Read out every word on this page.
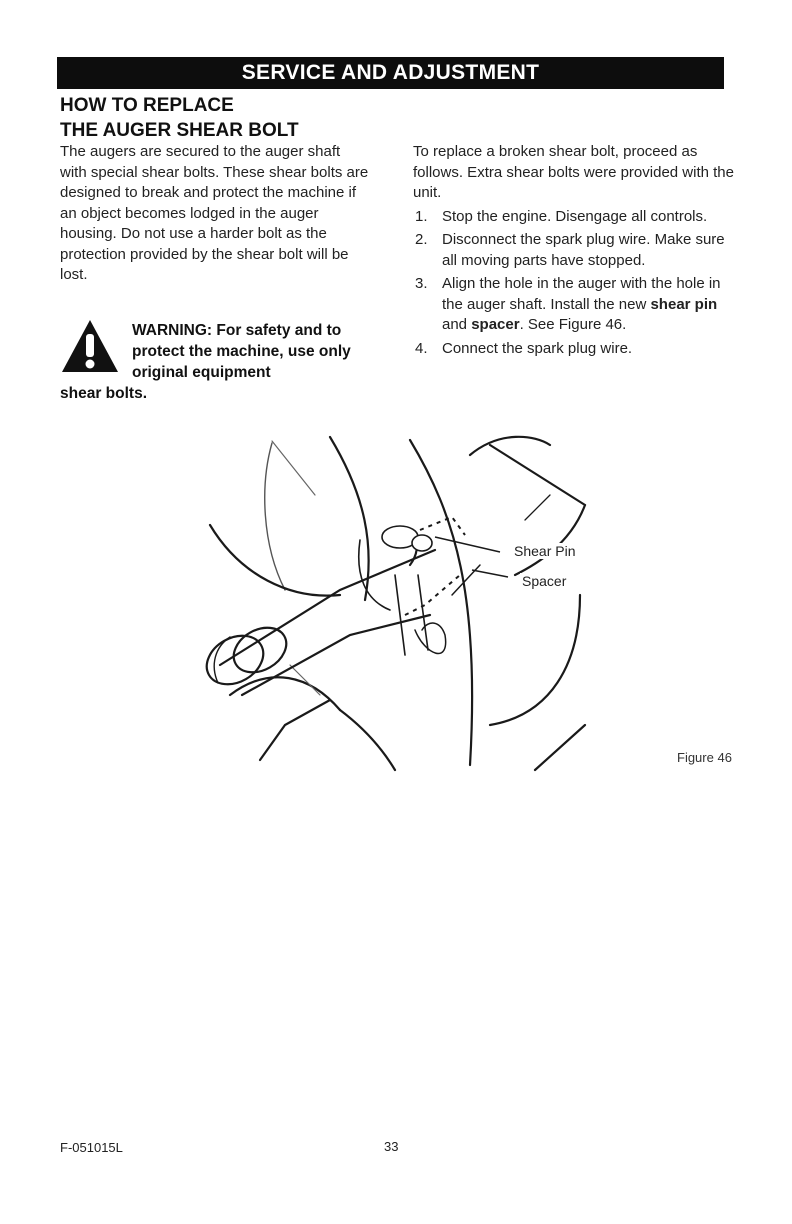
SERVICE AND ADJUSTMENT
HOW TO REPLACE
THE AUGER SHEAR BOLT
The augers are secured to the auger shaft with special shear bolts. These shear bolts are designed to break and protect the machine if an object becomes lodged in the auger housing. Do not use a harder bolt as the protection provided by the shear bolt will be lost.
WARNING: For safety and to protect the machine, use only original equipment
shear bolts.
To replace a broken shear bolt, proceed as follows. Extra shear bolts were provided with the unit.
1. Stop the engine. Disengage all controls.
2. Disconnect the spark plug wire. Make sure all moving parts have stopped.
3. Align the hole in the auger with the hole in the auger shaft. Install the new shear pin and spacer. See Figure 46.
4. Connect the spark plug wire.
Shear Pin
Spacer
Figure 46
F-051015L	33
